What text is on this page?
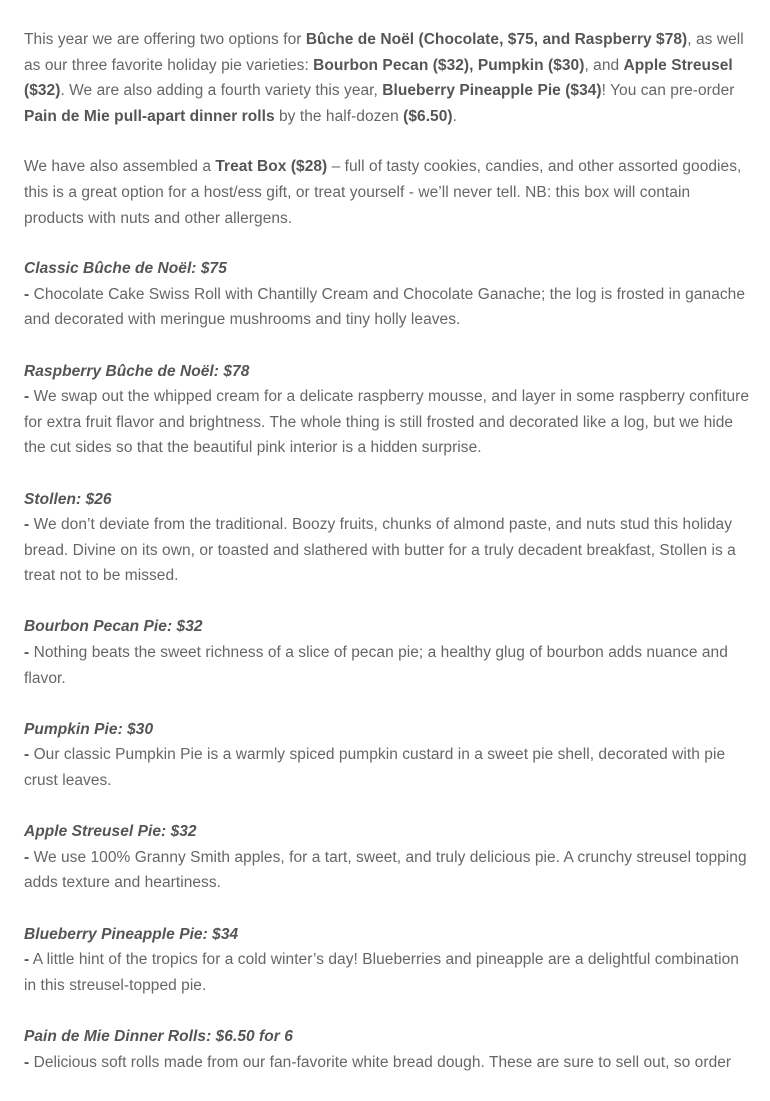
This year we are offering two options for Bûche de Noël (Chocolate, $75, and Raspberry $78), as well as our three favorite holiday pie varieties: Bourbon Pecan ($32), Pumpkin ($30), and Apple Streusel ($32). We are also adding a fourth variety this year, Blueberry Pineapple Pie ($34)! You can pre-order Pain de Mie pull-apart dinner rolls by the half-dozen ($6.50).

We have also assembled a Treat Box ($28) – full of tasty cookies, candies, and other assorted goodies, this is a great option for a host/ess gift, or treat yourself - we’ll never tell. NB: this box will contain products with nuts and other allergens.

Classic Bûche de Noël: $75

- Chocolate Cake Swiss Roll with Chantilly Cream and Chocolate Ganache; the log is frosted in ganache and decorated with meringue mushrooms and tiny holly leaves.

Raspberry Bûche de Noël: $78

- We swap out the whipped cream for a delicate raspberry mousse, and layer in some raspberry confiture for extra fruit flavor and brightness. The whole thing is still frosted and decorated like a log, but we hide the cut sides so that the beautiful pink interior is a hidden surprise.

Stollen: $26

- We don’t deviate from the traditional. Boozy fruits, chunks of almond paste, and nuts stud this holiday bread. Divine on its own, or toasted and slathered with butter for a truly decadent breakfast, Stollen is a treat not to be missed.

Bourbon Pecan Pie: $32

- Nothing beats the sweet richness of a slice of pecan pie; a healthy glug of bourbon adds nuance and flavor.

Pumpkin Pie: $30

- Our classic Pumpkin Pie is a warmly spiced pumpkin custard in a sweet pie shell, decorated with pie crust leaves.

Apple Streusel Pie: $32

- We use 100% Granny Smith apples, for a tart, sweet, and truly delicious pie. A crunchy streusel topping adds texture and heartiness.

Blueberry Pineapple Pie: $34

- A little hint of the tropics for a cold winter’s day! Blueberries and pineapple are a delightful combination in this streusel-topped pie.

Pain de Mie Dinner Rolls: $6.50 for 6

- Delicious soft rolls made from our fan-favorite white bread dough. These are sure to sell out, so order
